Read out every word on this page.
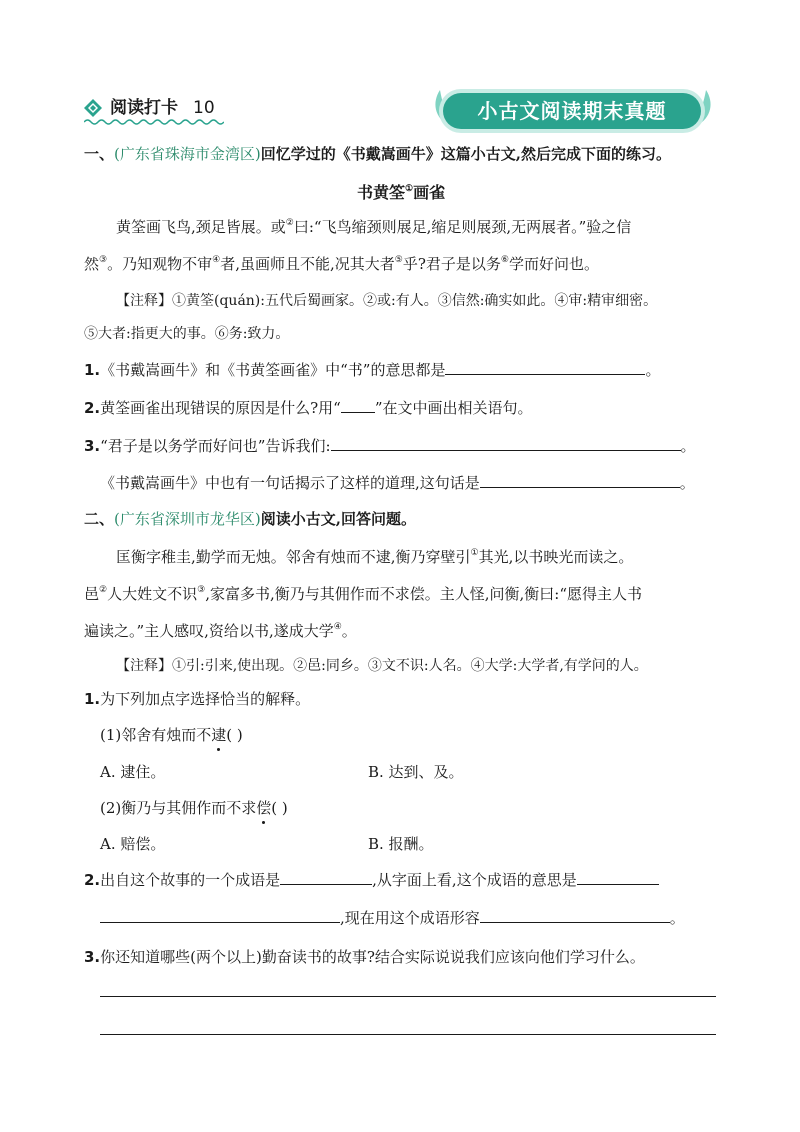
阅读打卡 10	小古文阅读期末真题
一、(广东省珠海市金湾区)回忆学过的《书戴嵩画牛》这篇小古文,然后完成下面的练习。
书黄筌①画雀
黄筌画飞鸟,颈足皆展。或②曰:“飞鸟缩颈则展足,缩足则展颈,无两展者。”验之信
然③。乃知观物不审④者,虽画师且不能,况其大者⑤乎?君子是以务⑥学而好问也。
【注释】①黄筌(quán):五代后蜀画家。②或:有人。③信然:确实如此。④审:精审细密。
⑤大者:指更大的事。⑥务:致力。
1.《书戴嵩画牛》和《书黄筌画雀》中“书”的意思都是	。
2.黄筌画雀出现错误的原因是什么?用“ ”在文中画出相关语句。
3.“君子是以务学而好问也”告诉我们:	。
《书戴嵩画牛》中也有一句话揭示了这样的道理,这句话是	。
二、(广东省深圳市龙华区)阅读小古文,回答问题。
匡衡字稚圭,勤学而无烛。邻舍有烛而不逮,衡乃穿壁引①其光,以书映光而读之。
邑②人大姓文不识③,家富多书,衡乃与其佣作而不求偿。主人怪,问衡,衡曰:“愿得主人书
遍读之。”主人感叹,资给以书,遂成大学④。
【注释】①引:引来,使出现。②邑:同乡。③文不识:人名。④大学:大学者,有学问的人。
1.为下列加点字选择恰当的解释。
(1)邻舍有烛而不逮( )
A. 逮住。	B. 达到、及。
(2)衡乃与其佣作而不求偿( )
A. 赔偿。	B. 报酬。
2.出自这个故事的一个成语是	,从字面上看,这个成语的意思是
,现在用这个成语形容	。
3.你还知道哪些(两个以上)勤奋读书的故事?结合实际说说我们应该向他们学习什么。
